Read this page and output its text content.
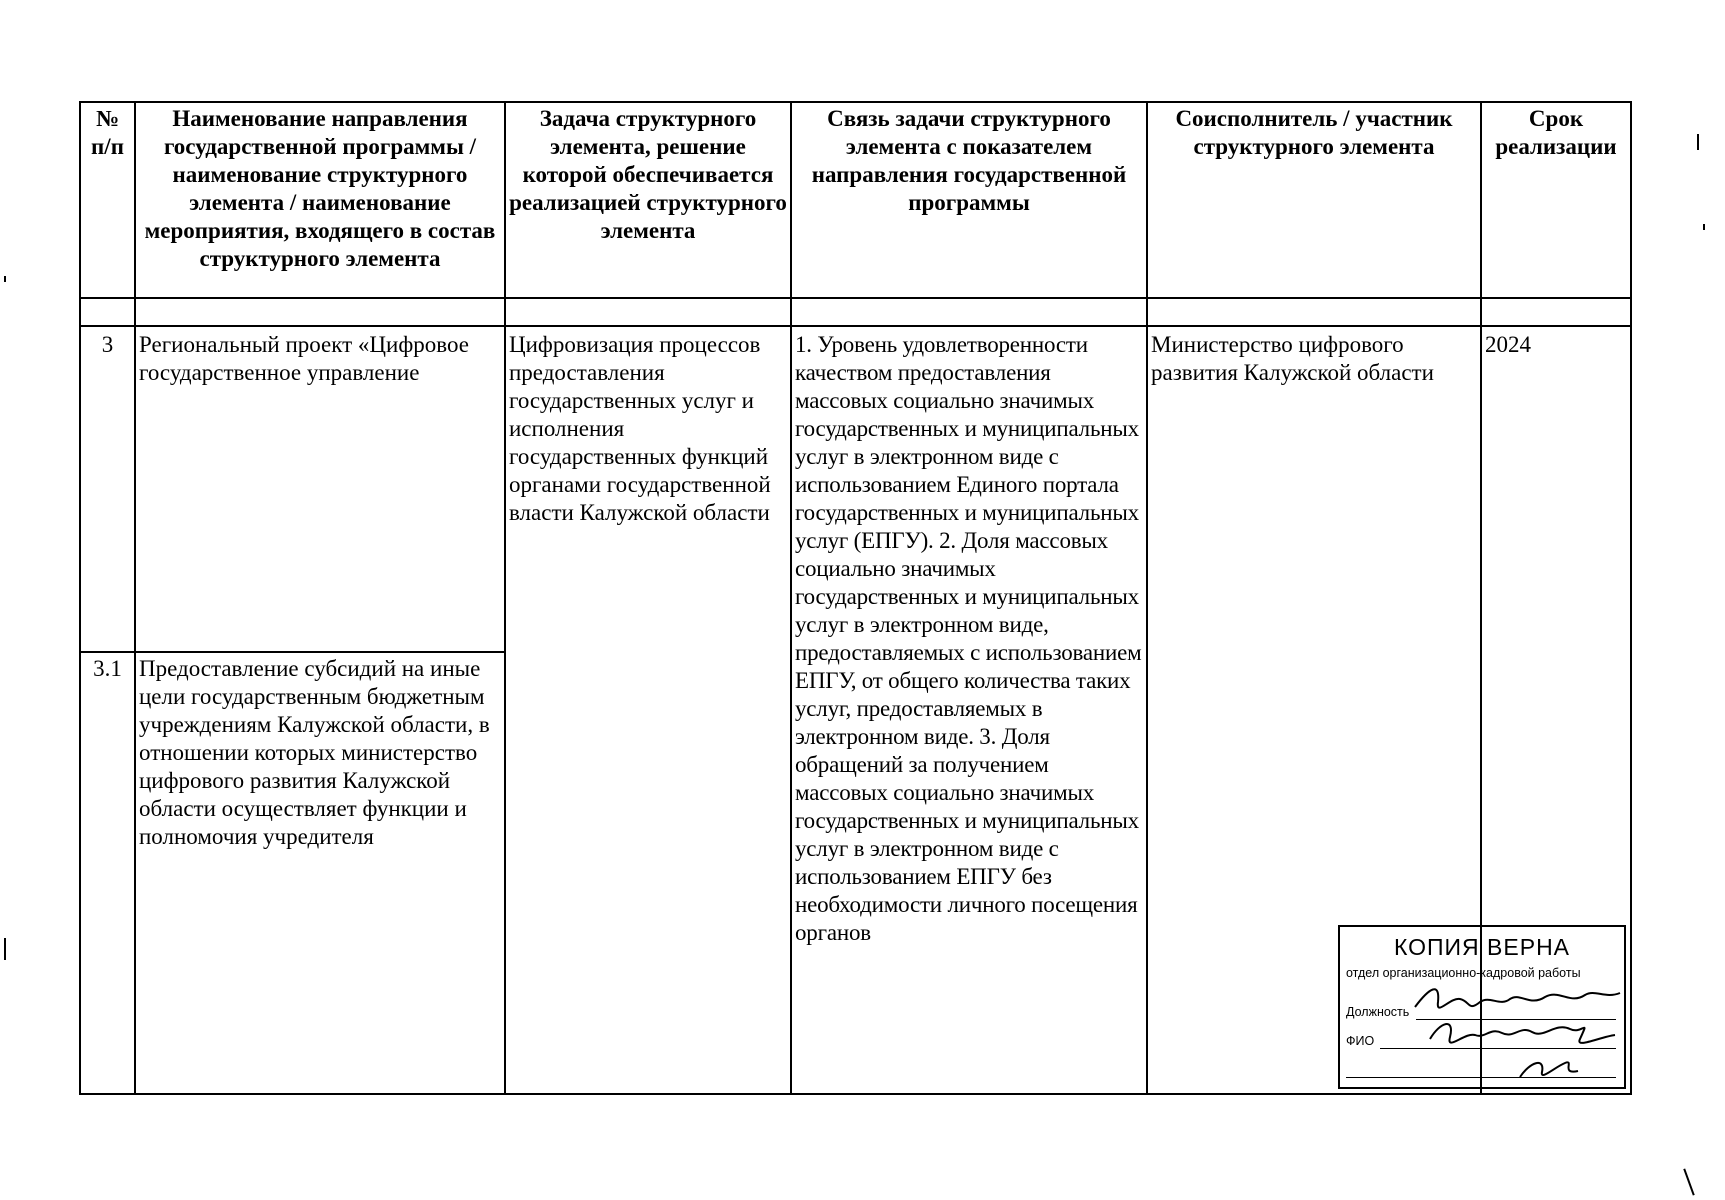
№ п/п	Наименование направления государственной программы / наименование структурного элемента / наименование мероприятия, входящего в состав структурного элемента	Задача структурного элемента, решение которой обеспечивается реализацией структурного элемента	Связь задачи структурного элемента с показателем направления государственной программы	Соисполнитель / участник структурного элемента	Срок реализации

3	Региональный проект «Цифровое государственное управление	Цифровизация процессов предоставления государственных услуг и исполнения государственных функций органами государственной власти Калужской области	1. Уровень удовлетворенности качеством предоставления массовых социально значимых государственных и муниципальных услуг в электронном виде с использованием Единого портала государственных и муниципальных услуг (ЕПГУ). 2. Доля массовых социально значимых государственных и муниципальных услуг в электронном виде, предоставляемых с использованием ЕПГУ, от общего количества таких услуг, предоставляемых в электронном виде. 3. Доля обращений за получением массовых социально значимых государственных и муниципальных услуг в электронном виде с использованием ЕПГУ без необходимости личного посещения органов	Министерство цифрового развития Калужской области	2024
3.1	Предоставление субсидий на иные цели государственным бюджетным учреждениям Калужской области, в отношении которых министерство цифрового развития Калужской области осуществляет функции и полномочия учредителя				
КОПИЯ ВЕРНА
отдел организационно-кадровой работы
Должность
ФИО
